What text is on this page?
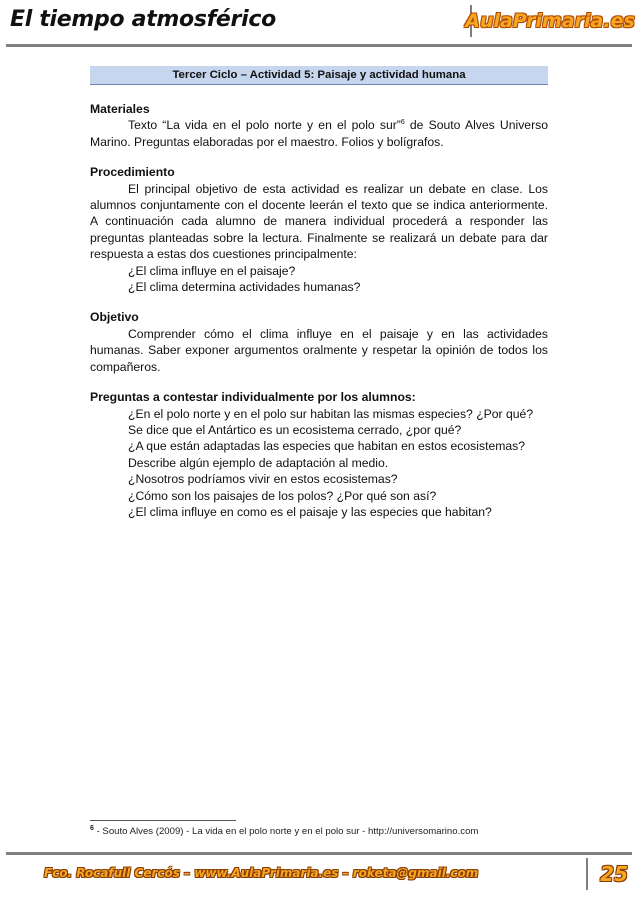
El tiempo atmosférico	AulaPrimaria.es
Tercer Ciclo – Actividad 5: Paisaje y actividad humana
Materiales

Texto “La vida en el polo norte y en el polo sur”$^6$ de Souto Alves Universo Marino. Preguntas elaboradas por el maestro. Folios y bolígrafos.

Procedimiento

El principal objetivo de esta actividad es realizar un debate en clase. Los alumnos conjuntamente con el docente leerán el texto que se indica anteriormente. A continuación cada alumno de manera individual procederá a responder las preguntas planteadas sobre la lectura. Finalmente se realizará un debate para dar respuesta a estas dos cuestiones principalmente:

¿El clima influye en el paisaje?
¿El clima determina actividades humanas?
Objetivo

Comprender cómo el clima influye en el paisaje y en las actividades humanas. Saber exponer argumentos oralmente y respetar la opinión de todos los compañeros.

Preguntas a contestar individualmente por los alumnos:
¿En el polo norte y en el polo sur habitan las mismas especies? ¿Por qué?
Se dice que el Antártico es un ecosistema cerrado, ¿por qué?
¿A que están adaptadas las especies que habitan en estos ecosistemas?
Describe algún ejemplo de adaptación al medio.
¿Nosotros podríamos vivir en estos ecosistemas?
¿Cómo son los paisajes de los polos? ¿Por qué son así?
¿El clima influye en como es el paisaje y las especies que habitan?
$^6$ - Souto Alves (2009) - La vida en el polo norte y en el polo sur - http://universomarino.com
Fco. Rocafull Cercós – www.AulaPrimaria.es – roketa@gmail.com	25
